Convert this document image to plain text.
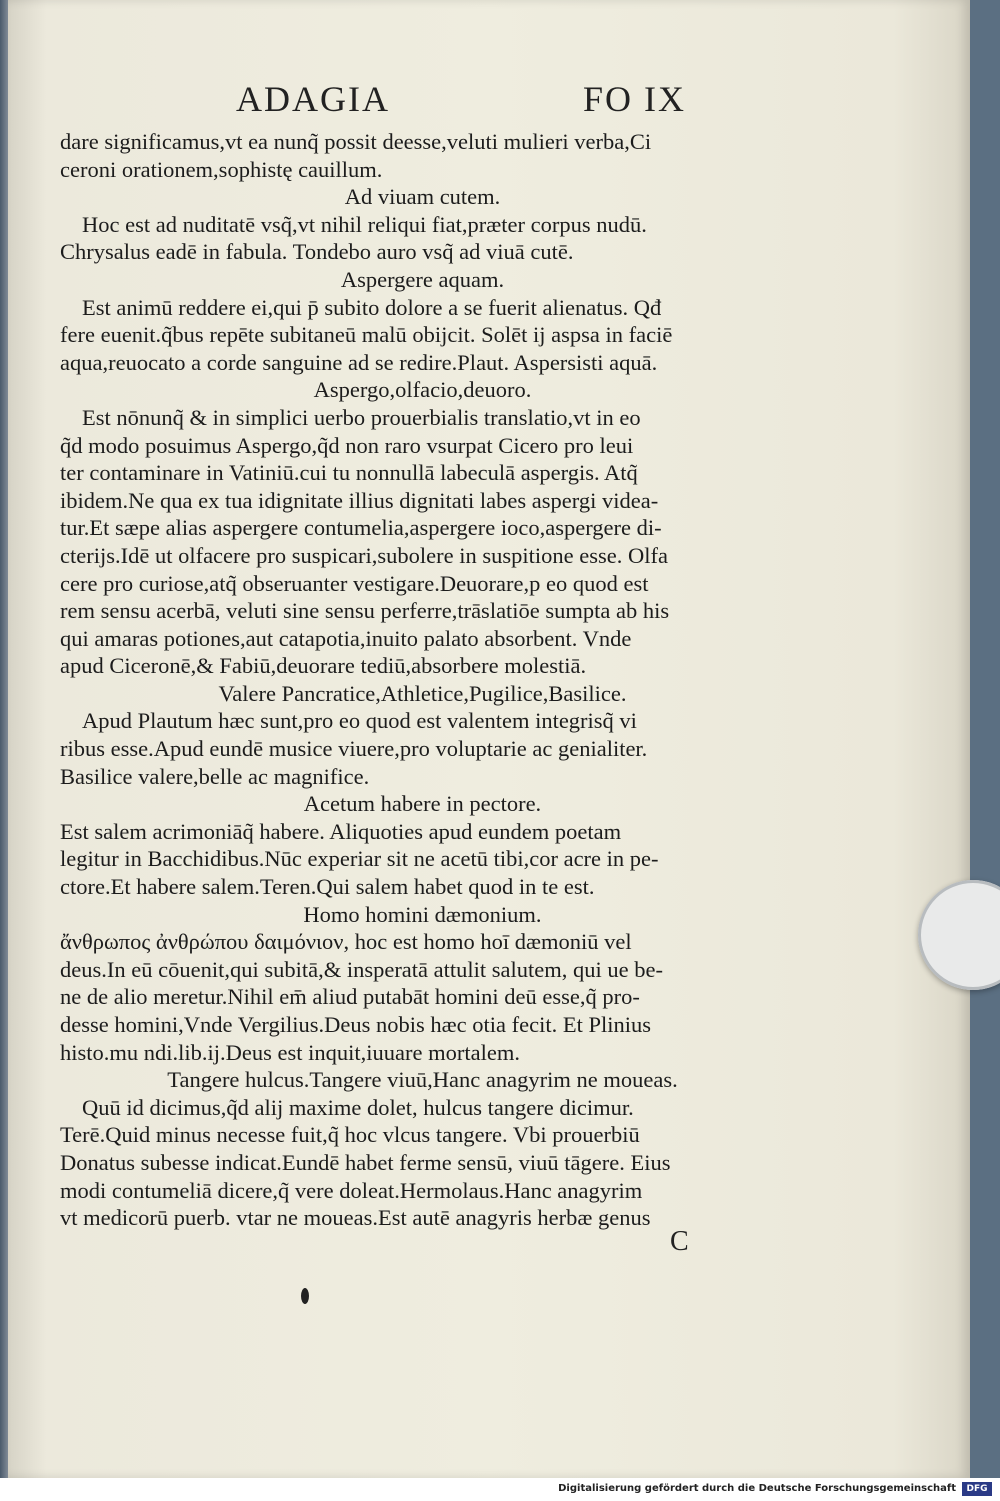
ADAGIA	FO IX
dare significamus,vt ea nunq̃ possit deesse,veluti mulieri verba,Ci
ceroni orationem,sophistę cauillum.
Ad viuam cutem.
Hoc est ad nuditatē vsq̃,vt nihil reliqui fiat,præter corpus nudū.
Chrysalus eadē in fabula. Tondebo auro vsq̃ ad viuā cutē.
Aspergere aquam.
Est animū reddere ei,qui p̄ subito dolore a se fuerit alienatus. Qđ
fere euenit.q̃bus repēte subitaneū malū obijcit. Solēt ij aspsa in faciē
aqua,reuocato a corde sanguine ad se redire.Plaut. Aspersisti aquā.
Aspergo,olfacio,deuoro.
Est nōnunq̃ & in simplici uerbo prouerbialis translatio,vt in eo
q̃d modo posuimus Aspergo,q̃d non raro vsurpat Cicero pro leui
ter contaminare in Vatiniū.cui tu nonnullā labeculā aspergis. Atq̃
ibidem.Ne qua ex tua idignitate illius dignitati labes aspergi videa-
tur.Et sæpe alias aspergere contumelia,aspergere ioco,aspergere di-
cterijs.Idē ut olfacere pro suspicari,subolere in suspitione esse. Olfa
cere pro curiose,atq̃ obseruanter vestigare.Deuorare,p eo quod est
rem sensu acerbā, veluti sine sensu perferre,trāslatiōe sumpta ab his
qui amaras potiones,aut catapotia,inuito palato absorbent. Vnde
apud Ciceronē,& Fabiū,deuorare tediū,absorbere molestiā.
Valere Pancratice,Athletice,Pugilice,Basilice.
Apud Plautum hæc sunt,pro eo quod est valentem integrisq̃ vi
ribus esse.Apud eundē musice viuere,pro voluptarie ac genialiter.
Basilice valere,belle ac magnifice.
Acetum habere in pectore.
Est salem acrimoniāq̃ habere. Aliquoties apud eundem poetam
legitur in Bacchidibus.Nūc experiar sit ne acetū tibi,cor acre in pe-
ctore.Et habere salem.Teren.Qui salem habet quod in te est.
Homo homini dæmonium.
ἄνθρωπος ἀνθρώπου δαιμόνιον, hoc est homo hoī dæmoniū vel
deus.In eū cōuenit,qui subitā,& insperatā attulit salutem, qui ue be-
ne de alio meretur.Nihil em̄ aliud putabāt homini deū esse,q̃ pro-
desse homini,Vnde Vergilius.Deus nobis hæc otia fecit. Et Plinius
histo.mu ndi.lib.ij.Deus est inquit,iuuare mortalem.
Tangere hulcus.Tangere viuū,Hanc anagyrim ne moueas.
Quū id dicimus,q̃d alij maxime dolet, hulcus tangere dicimur.
Terē.Quid minus necesse fuit,q̃ hoc vlcus tangere. Vbi prouerbiū
Donatus subesse indicat.Eundē habet ferme sensū, viuū tāgere. Eius
modi contumeliā dicere,q̃ vere doleat.Hermolaus.Hanc anagyrim
vt medicorū puerb. vtar ne moueas.Est autē anagyris herbæ genus
C
Digitalisierung gefördert durch die Deutsche Forschungsgemeinschaft	DFG
